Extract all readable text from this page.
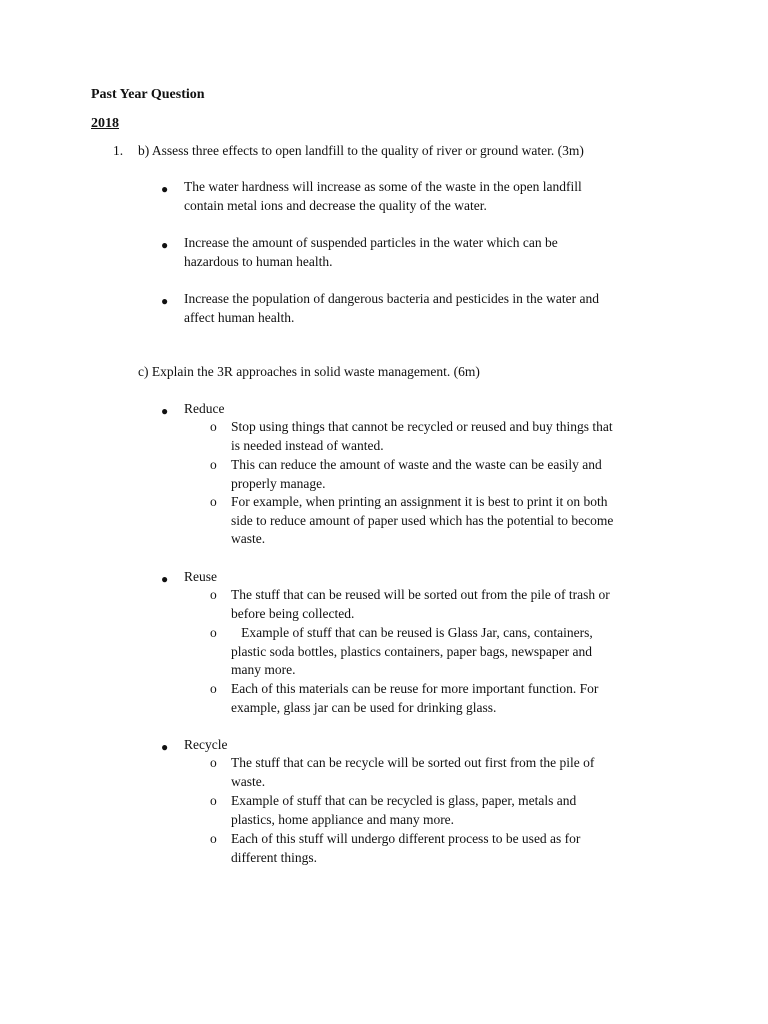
Past Year Question
2018
1. b) Assess three effects to open landfill to the quality of river or ground water. (3m)
● The water hardness will increase as some of the waste in the open landfill
contain metal ions and decrease the quality of the water.
● Increase the amount of suspended particles in the water which can be
hazardous to human health.
● Increase the population of dangerous bacteria and pesticides in the water and
affect human health.
c) Explain the 3R approaches in solid waste management. (6m)
● Reduce
o Stop using things that cannot be recycled or reused and buy things that
is needed instead of wanted.
o This can reduce the amount of waste and the waste can be easily and
properly manage.
o For example, when printing an assignment it is best to print it on both
side to reduce amount of paper used which has the potential to become
waste.
● Reuse
o The stuff that can be reused will be sorted out from the pile of trash or
before being collected.
o Example of stuff that can be reused is Glass Jar, cans, containers,
plastic soda bottles, plastics containers, paper bags, newspaper and
many more.
o Each of this materials can be reuse for more important function. For
example, glass jar can be used for drinking glass.
● Recycle
o The stuff that can be recycle will be sorted out first from the pile of
waste.
o Example of stuff that can be recycled is glass, paper, metals and
plastics, home appliance and many more.
o Each of this stuff will undergo different process to be used as for
different things.
